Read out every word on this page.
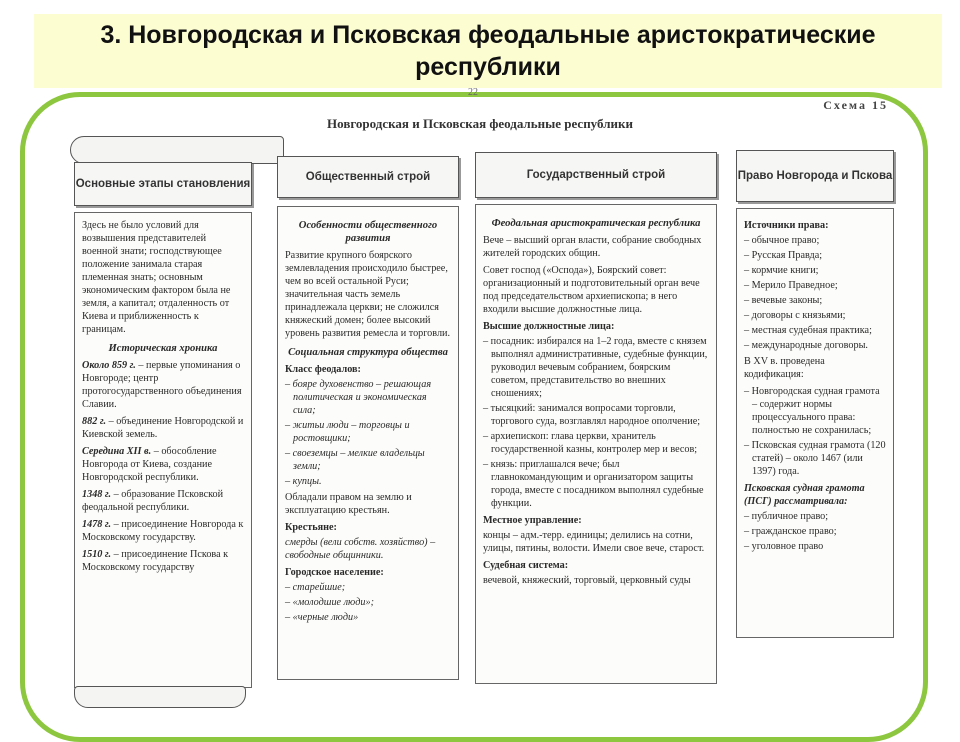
3. Новгородская и Псковская феодальные аристократические республики
22
Схема 15
Новгородская и Псковская феодальные республики
Основные этапы становления

Здесь не было условий для возвышения представителей военной знати; господствующее положение занимала старая племенная знать; основным экономическим фактором была не земля, а капитал; отдаленность от Киева и приближенность к границам.

Историческая хроника

Около 859 г. – первые упоминания о Новгороде; центр протогосударственного объединения Славии.

882 г. – объединение Новгородской и Киевской земель.

Середина XII в. – обособление Новгорода от Киева, создание Новгородской республики.

1348 г. – образование Псковской феодальной республики.

1478 г. – присоединение Новгорода к Московскому государству.

1510 г. – присоединение Пскова к Московскому государству

Общественный строй
Особенности общественного развития

Развитие крупного боярского землевладения происходило быстрее, чем во всей остальной Руси; значительная часть земель принадлежала церкви; не сложился княжеский домен; более высокий уровень развития ремесла и торговли.

Социальная структура общества
Класс феодалов:
– бояре духовенство – решающая политическая и экономическая сила;
– житьи люди – торговцы и ростовщики;
– своеземцы – мелкие владельцы земли;
– купцы.

Обладали правом на землю и эксплуатацию крестьян.

Крестьяне:

смерды (вели собств. хозяйство) – свободные общинники.

Городское население:
– старейшие;
– «молодшие люди»;
– «черные люди»
Государственный строй
Феодальная аристократическая республика

Вече – высший орган власти, собрание свободных жителей городских общин.

Совет господ («Оспода»), Боярский совет: организационный и подготовительный орган вече под председательством архиепископа; в него входили высшие должностные лица.

Высшие должностные лица:
– посадник: избирался на 1–2 года, вместе с князем выполнял административные, судебные функции, руководил вечевым собранием, боярским советом, представительство во внешних сношениях;
– тысяцкий: занимался вопросами торговли, торгового суда, возглавлял народное ополчение;
– архиепископ: глава церкви, хранитель государственной казны, контролер мер и весов;
– князь: приглашался вече; был главнокомандующим и организатором защиты города, вместе с посадником выполнял судебные функции.
Местное управление:

концы – адм.-терр. единицы; делились на сотни, улицы, пятины, волости. Имели свое вече, старост.

Судебная система:

вечевой, княжеский, торговый, церковный суды

Право Новгорода и Пскова
Источники права:
– обычное право;
– Русская Правда;
– кормчие книги;
– Мерило Праведное;
– вечевые законы;
– договоры с князьями;
– местная судебная практика;
– международные договоры.

В XV в. проведена кодификация:

– Новгородская судная грамота – содержит нормы процессуального права: полностью не сохранилась;
– Псковская судная грамота (120 статей) – около 1467 (или 1397) года.
Псковская судная грамота (ПСГ) рассматривала:
– публичное право;
– гражданское право;
– уголовное право
